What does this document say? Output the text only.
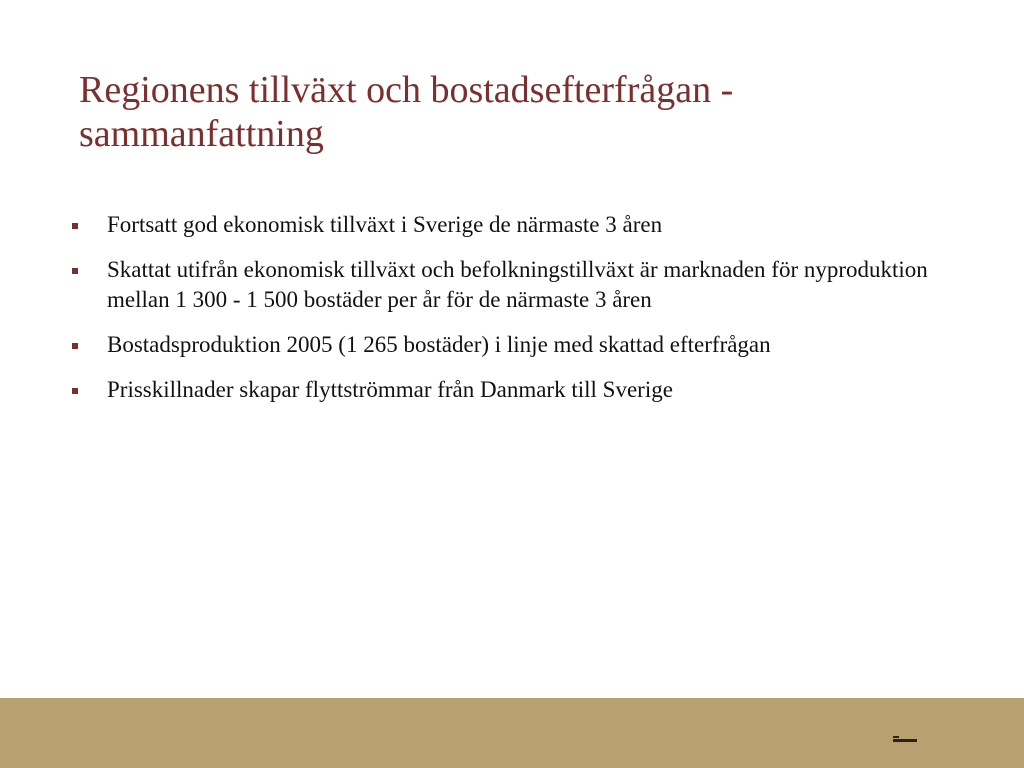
Regionens tillväxt och bostadsefterfrågan - sammanfattning
Fortsatt god ekonomisk tillväxt i Sverige de närmaste 3 åren
Skattat utifrån ekonomisk tillväxt och befolkningstillväxt är marknaden för nyproduktion mellan 1 300 - 1 500 bostäder per år för de närmaste 3 åren
Bostadsproduktion 2005 (1 265 bostäder) i linje med skattad efterfrågan
Prisskillnader skapar flyttströmmar från Danmark till Sverige
